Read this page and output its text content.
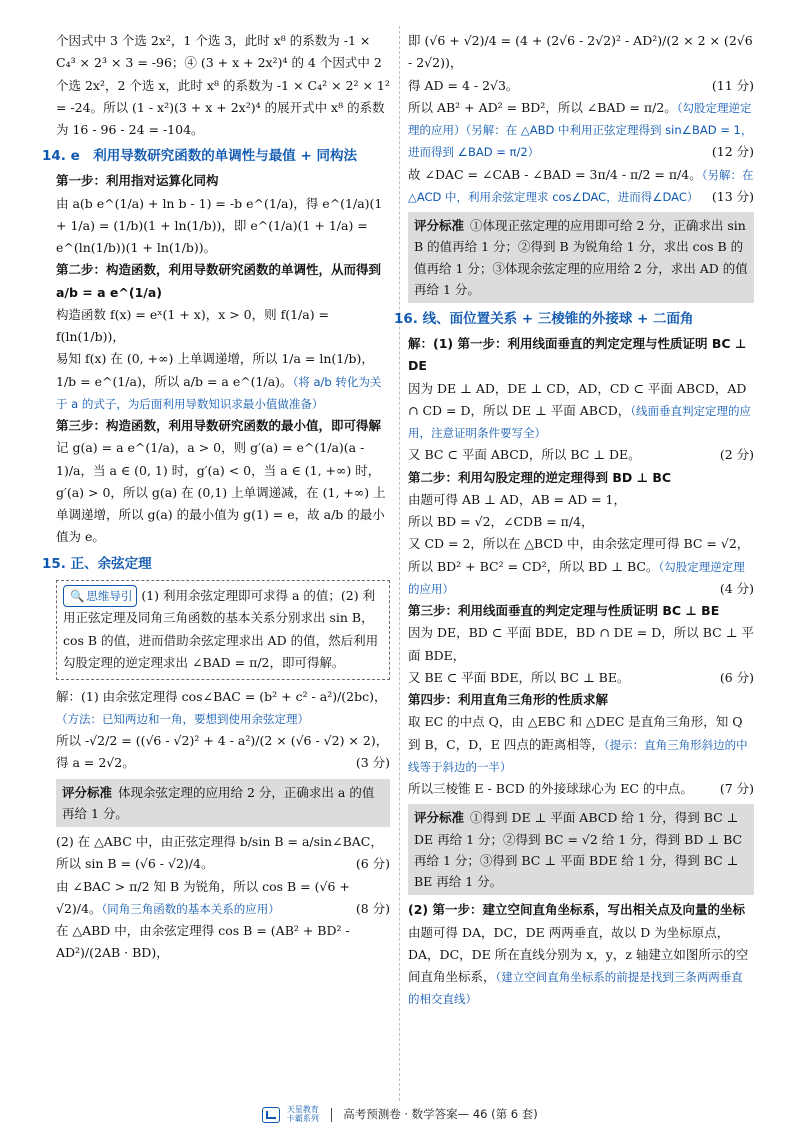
个因式中 3 个选 2x²，1 个选 3，此时 x⁸ 的系数为 -1 × C₄³ × 2³ × 3 = -96；④ (3 + x + 2x²)⁴ 的 4 个因式中 2 个选 2x²，2 个选 x，此时 x⁸ 的系数为 -1 × C₄² × 2² × 1² = -24。所以 (1 - x²)(3 + x + 2x²)⁴ 的展开式中 x⁸ 的系数为 16 - 96 - 24 = -104。

14. e　利用导数研究函数的单调性与最值 + 同构法
第一步：利用指对运算化同构

由 a(b e^(1/a) + ln b - 1) = -b e^(1/a)，得 e^(1/a)(1 + 1/a) = (1/b)(1 + ln(1/b))，即 e^(1/a)(1 + 1/a) = e^(ln(1/b))(1 + ln(1/b))。

第二步：构造函数，利用导数研究函数的单调性，从而得到 a/b = a e^(1/a)

构造函数 f(x) = eˣ(1 + x)，x > 0，则 f(1/a) = f(ln(1/b))，

易知 f(x) 在 (0, +∞) 上单调递增，所以 1/a = ln(1/b)，

1/b = e^(1/a)，所以 a/b = a e^(1/a)。（将 a/b 转化为关于 a 的式子，为后面利用导数知识求最小值做准备）

第三步：构造函数，利用导数研究函数的最小值，即可得解

记 g(a) = a e^(1/a)，a > 0，则 g′(a) = e^(1/a)(a - 1)/a，当 a ∈ (0, 1) 时，g′(a) < 0，当 a ∈ (1, +∞) 时，g′(a) > 0，所以 g(a) 在 (0,1) 上单调递减，在 (1, +∞) 上单调递增，所以 g(a) 的最小值为 g(1) = e，故 a/b 的最小值为 e。

15. 正、余弦定理
🔍 思维导引 (1) 利用余弦定理即可求得 a 的值；(2) 利用正弦定理及同角三角函数的基本关系分别求出 sin B，cos B 的值，进而借助余弦定理求出 AD 的值，然后利用勾股定理的逆定理求出 ∠BAD = π/2，即可得解。

解：(1) 由余弦定理得 cos∠BAC = (b² + c² - a²)/(2bc)，（方法：已知两边和一角，要想到使用余弦定理）

所以 -√2/2 = ((√6 - √2)² + 4 - a²)/(2 × (√6 - √2) × 2)，得 a = 2√2。	(3 分)

评分标准 体现余弦定理的应用给 2 分，正确求出 a 的值再给 1 分。

(2) 在 △ABC 中，由正弦定理得 b/sin B = a/sin∠BAC，所以 sin B = (√6 - √2)/4。	(6 分)

由 ∠BAC > π/2 知 B 为锐角，所以 cos B = (√6 + √2)/4。（同角三角函数的基本关系的应用）	(8 分)

在 △ABD 中，由余弦定理得 cos B = (AB² + BD² - AD²)/(2AB · BD)，

即 (√6 + √2)/4 = (4 + (2√6 - 2√2)² - AD²)/(2 × 2 × (2√6 - 2√2))，

得 AD = 4 - 2√3。	(11 分)

所以 AB² + AD² = BD²，所以 ∠BAD = π/2。（勾股定理逆定理的应用）（另解：在 △ABD 中利用正弦定理得到 sin∠BAD = 1，进而得到 ∠BAD = π/2）	(12 分)

故 ∠DAC = ∠CAB - ∠BAD = 3π/4 - π/2 = π/4。（另解：在 △ACD 中，利用余弦定理求 cos∠DAC，进而得∠DAC） (13 分)

评分标准 ①体现正弦定理的应用即可给 2 分，正确求出 sin B 的值再给 1 分；②得到 B 为锐角给 1 分，求出 cos B 的值再给 1 分；③体现余弦定理的应用给 2 分，求出 AD 的值再给 1 分。
16. 线、面位置关系 + 三棱锥的外接球 + 二面角
解：(1) 第一步：利用线面垂直的判定定理与性质证明 BC ⊥ DE

因为 DE ⊥ AD，DE ⊥ CD，AD，CD ⊂ 平面 ABCD，AD ∩ CD = D，所以 DE ⊥ 平面 ABCD，（线面垂直判定定理的应用，注意证明条件要写全）

又 BC ⊂ 平面 ABCD，所以 BC ⊥ DE。	(2 分)

第二步：利用勾股定理的逆定理得到 BD ⊥ BC

由题可得 AB ⊥ AD，AB = AD = 1，

所以 BD = √2，∠CDB = π/4，

又 CD = 2，所以在 △BCD 中，由余弦定理可得 BC = √2，所以 BD² + BC² = CD²，所以 BD ⊥ BC。（勾股定理逆定理的应用）	(4 分)

第三步：利用线面垂直的判定定理与性质证明 BC ⊥ BE

因为 DE，BD ⊂ 平面 BDE，BD ∩ DE = D，所以 BC ⊥ 平面 BDE，

又 BE ⊂ 平面 BDE，所以 BC ⊥ BE。	(6 分)

第四步：利用直角三角形的性质求解

取 EC 的中点 Q，由 △EBC 和 △DEC 是直角三角形，知 Q 到 B，C，D，E 四点的距离相等，（提示：直角三角形斜边的中线等于斜边的一半）

所以三棱锥 E - BCD 的外接球球心为 EC 的中点。 (7 分)

评分标准 ①得到 DE ⊥ 平面 ABCD 给 1 分，得到 BC ⊥ DE 再给 1 分；②得到 BC = √2 给 1 分，得到 BD ⊥ BC 再给 1 分；③得到 BC ⊥ 平面 BDE 给 1 分，得到 BC ⊥ BE 再给 1 分。
(2) 第一步：建立空间直角坐标系，写出相关点及向量的坐标

由题可得 DA，DC，DE 两两垂直，故以 D 为坐标原点，DA，DC，DE 所在直线分别为 x，y，z 轴建立如图所示的空间直角坐标系，（建立空间直角坐标系的前提是找到三条两两垂直的相交直线）

天星教育
卡霸系列 高考预测卷 · 数学答案— 46 (第 6 套)
